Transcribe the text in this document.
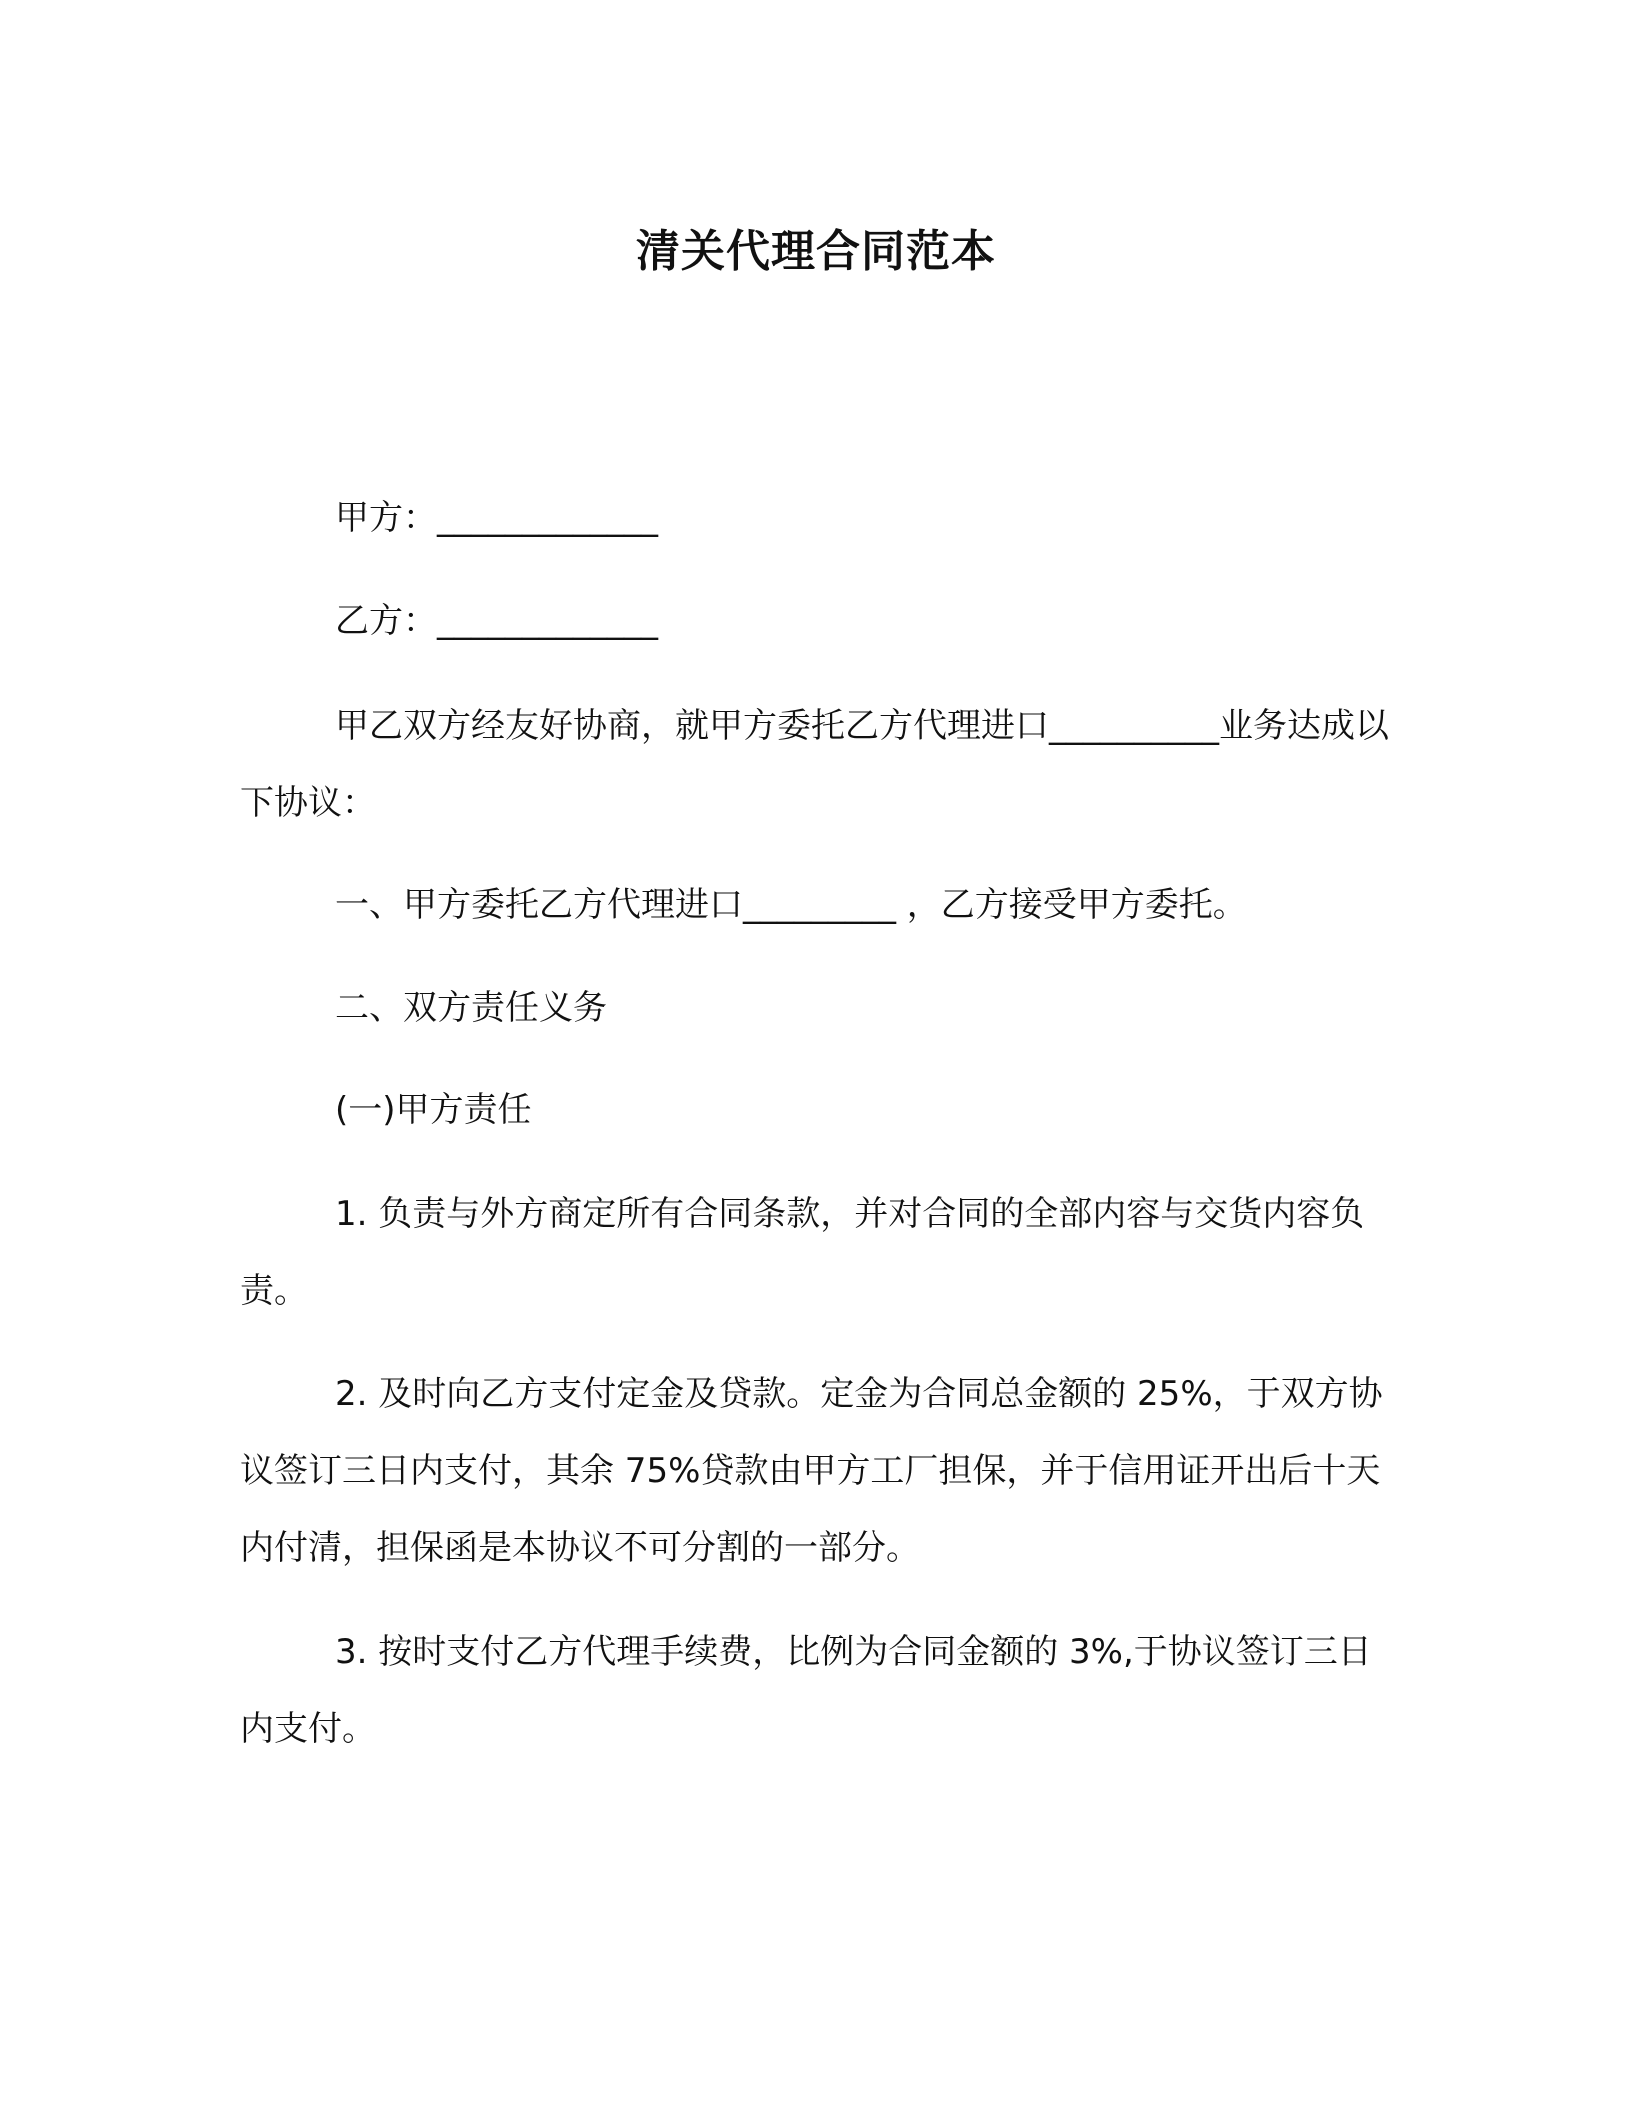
清关代理合同范本

甲方：_____________

乙方：_____________

甲乙双方经友好协商，就甲方委托乙方代理进口__________业务达成以下协议：

一、甲方委托乙方代理进口_________ ，乙方接受甲方委托。

二、双方责任义务

(一)甲方责任

1. 负责与外方商定所有合同条款，并对合同的全部内容与交货内容负责。

2. 及时向乙方支付定金及贷款。定金为合同总金额的 25%，于双方协议签订三日内支付，其余 75%贷款由甲方工厂担保，并于信用证开出后十天内付清，担保函是本协议不可分割的一部分。

3. 按时支付乙方代理手续费，比例为合同金额的 3%,于协议签订三日内支付。
